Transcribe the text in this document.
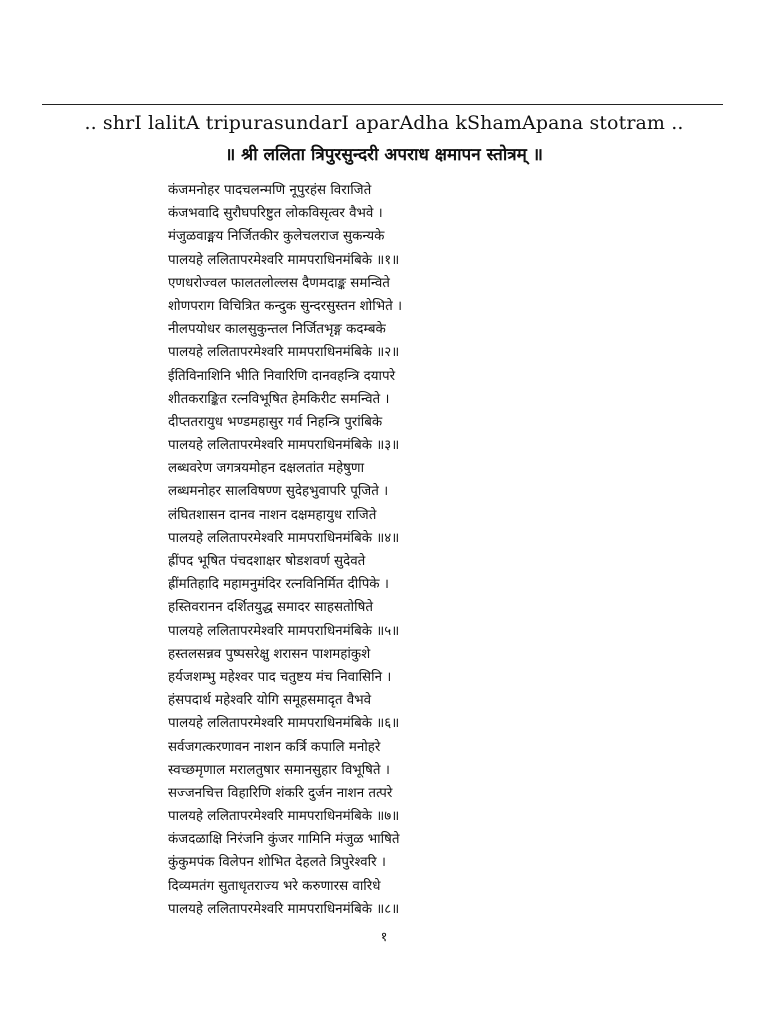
.. shrI lalitA tripurasundarI aparAdha kShamApana stotram ..
॥ श्री ललिता त्रिपुरसुन्दरी अपराध क्षमापन स्तोत्रम् ॥
कंजमनोहर पादचलन्मणि नूपुरहंस विराजिते
कंजभवादि सुरौघपरिष्टुत लोकविसृत्वर वैभवे ।
मंजुळवाङ्मय निर्जितकीर कुलेचलराज सुकन्यके
पालयहे ललितापरमेश्वरि मामपराधिनमंबिके ॥१॥
एणधरोज्वल फालतलोल्लस दैणमदाङ्क समन्विते
शोणपराग विचित्रित कन्दुक सुन्दरसुस्तन शोभिते ।
नीलपयोधर कालसुकुन्तल निर्जितभृङ्ग कदम्बके
पालयहे ललितापरमेश्वरि मामपराधिनमंबिके ॥२॥
ईतिविनाशिनि भीति निवारिणि दानवहन्त्रि दयापरे
शीतकराङ्कित रत्नविभूषित हेमकिरीट समन्विते ।
दीप्ततरायुध भण्डमहासुर गर्व निहन्त्रि पुरांबिके
पालयहे ललितापरमेश्वरि मामपराधिनमंबिके ॥३॥
लब्धवरेण जगत्रयमोहन दक्षलतांत महेषुणा
लब्धमनोहर सालविषण्ण सुदेहभुवापरि पूजिते ।
लंघितशासन दानव नाशन दक्षमहायुध राजिते
पालयहे ललितापरमेश्वरि मामपराधिनमंबिके ॥४॥
ह्रींपद भूषित पंचदशाक्षर षोडशवर्ण सुदेवते
ह्रींमतिहादि महामनुमंदिर रत्नविनिर्मित दीपिके ।
हस्तिवरानन दर्शितयुद्ध समादर साहसतोषिते
पालयहे ललितापरमेश्वरि मामपराधिनमंबिके ॥५॥
हस्तलसन्नव पुष्पसरेक्षु शरासन पाशमहांकुशे
हर्यजशम्भु महेश्वर पाद चतुष्टय मंच निवासिनि ।
हंसपदार्थ महेश्वरि योगि समूहसमादृत वैभवे
पालयहे ललितापरमेश्वरि मामपराधिनमंबिके ॥६॥
सर्वजगत्करणावन नाशन कर्त्रि कपालि मनोहरे
स्वच्छमृणाल मरालतुषार समानसुहार विभूषिते ।
सज्जनचित्त विहारिणि शंकरि दुर्जन नाशन तत्परे
पालयहे ललितापरमेश्वरि मामपराधिनमंबिके ॥७॥
कंजदळाक्षि निरंजनि कुंजर गामिनि मंजुळ भाषिते
कुंकुमपंक विलेपन शोभित देहलते त्रिपुरेश्वरि ।
दिव्यमतंग सुताधृतराज्य भरे करुणारस वारिधे
पालयहे ललितापरमेश्वरि मामपराधिनमंबिके ॥८॥
१
